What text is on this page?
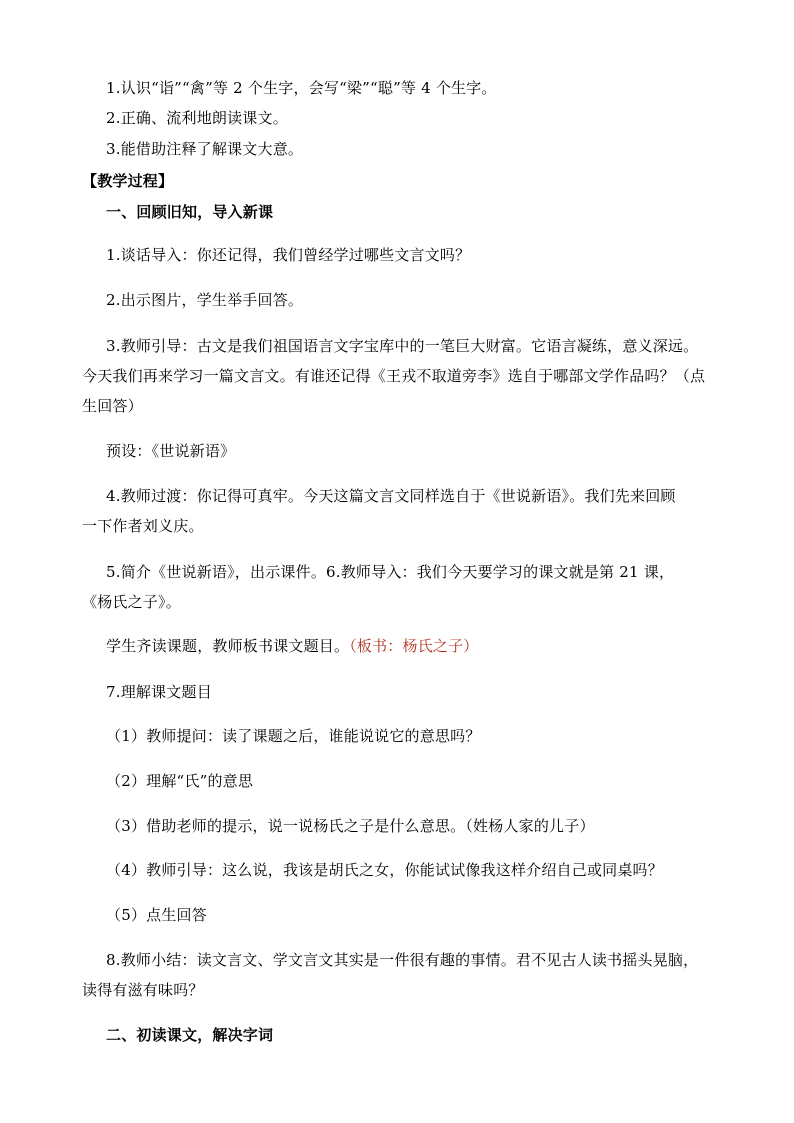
1.认识“诣”“禽”等 2 个生字，会写“梁”“聪”等 4 个生字。
2.正确、流利地朗读课文。
3.能借助注释了解课文大意。
【教学过程】
一、回顾旧知，导入新课
1.谈话导入：你还记得，我们曾经学过哪些文言文吗？
2.出示图片，学生举手回答。
3.教师引导：古文是我们祖国语言文字宝库中的一笔巨大财富。它语言凝练，意义深远。
今天我们再来学习一篇文言文。有谁还记得《王戎不取道旁李》选自于哪部文学作品吗？（点
生回答）
预设：《世说新语》
4.教师过渡：你记得可真牢。今天这篇文言文同样选自于《世说新语》。我们先来回顾
一下作者刘义庆。
5.简介《世说新语》，出示课件。6.教师导入：我们今天要学习的课文就是第 21 课，
《杨氏之子》。
学生齐读课题，教师板书课文题目。（板书：杨氏之子）
7.理解课文题目
（1）教师提问：读了课题之后，谁能说说它的意思吗？
（2）理解“氏”的意思
（3）借助老师的提示，说一说杨氏之子是什么意思。（姓杨人家的儿子）
（4）教师引导：这么说，我该是胡氏之女，你能试试像我这样介绍自己或同桌吗？
（5）点生回答
8.教师小结：读文言文、学文言文其实是一件很有趣的事情。君不见古人读书摇头晃脑，
读得有滋有味吗？
二、初读课文，解决字词
